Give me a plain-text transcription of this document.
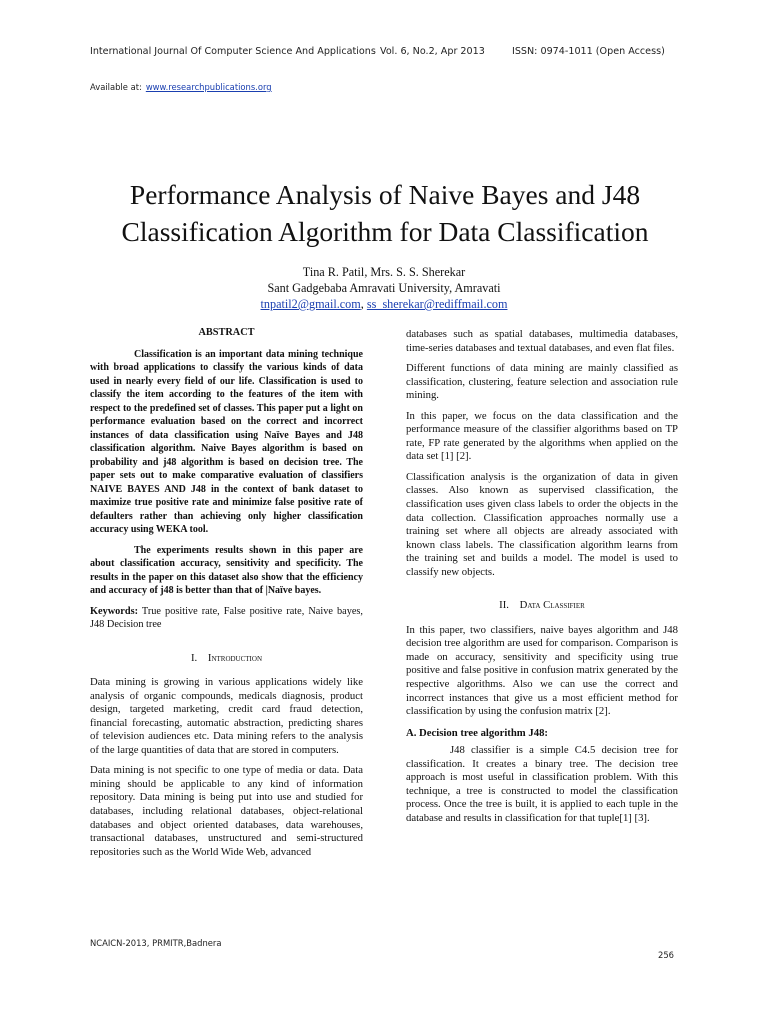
International Journal Of Computer Science And Applications Vol. 6, No.2, Apr 2013	ISSN: 0974-1011 (Open Access)
Available at: www.researchpublications.org
Performance Analysis of Naive Bayes and J48
Classification Algorithm for Data Classification
Tina R. Patil, Mrs. S. S. Sherekar
Sant Gadgebaba Amravati University, Amravati
tnpatil2@gmail.com, ss_sherekar@rediffmail.com
ABSTRACT

Classification is an important data mining technique with broad applications to classify the various kinds of data used in nearly every field of our life. Classification is used to classify the item according to the features of the item with respect to the predefined set of classes. This paper put a light on performance evaluation based on the correct and incorrect instances of data classification using Naïve Bayes and J48 classification algorithm. Naive Bayes algorithm is based on probability and j48 algorithm is based on decision tree. The paper sets out to make comparative evaluation of classifiers NAIVE BAYES AND J48 in the context of bank dataset to maximize true positive rate and minimize false positive rate of defaulters rather than achieving only higher classification accuracy using WEKA tool.

The experiments results shown in this paper are about classification accuracy, sensitivity and specificity. The results in the paper on this dataset also show that the efficiency and accuracy of j48 is better than that of |Naïve bayes.

Keywords: True positive rate, False positive rate, Naive bayes, J48 Decision tree

I. Introduction

Data mining is growing in various applications widely like analysis of organic compounds, medicals diagnosis, product design, targeted marketing, credit card fraud detection, financial forecasting, automatic abstraction, predicting shares of television audiences etc. Data mining refers to the analysis of the large quantities of data that are stored in computers.

Data mining is not specific to one type of media or data. Data mining should be applicable to any kind of information repository. Data mining is being put into use and studied for databases, including relational databases, object-relational databases and object oriented databases, data warehouses, transactional databases, unstructured and semi-structured repositories such as the World Wide Web, advanced

databases such as spatial databases, multimedia databases, time-series databases and textual databases, and even flat files.

Different functions of data mining are mainly classified as classification, clustering, feature selection and association rule mining.

In this paper, we focus on the data classification and the performance measure of the classifier algorithms based on TP rate, FP rate generated by the algorithms when applied on the data set [1] [2].

Classification analysis is the organization of data in given classes. Also known as supervised classification, the classification uses given class labels to order the objects in the data collection. Classification approaches normally use a training set where all objects are already associated with known class labels. The classification algorithm learns from the training set and builds a model. The model is used to classify new objects.

II. Data Classifier

In this paper, two classifiers, naive bayes algorithm and J48 decision tree algorithm are used for comparison. Comparison is made on accuracy, sensitivity and specificity using true positive and false positive in confusion matrix generated by the respective algorithms. Also we can use the correct and incorrect instances that give us a most efficient method for classification by using the confusion matrix [2].

A. Decision tree algorithm J48:

J48 classifier is a simple C4.5 decision tree for classification. It creates a binary tree. The decision tree approach is most useful in classification problem. With this technique, a tree is constructed to model the classification process. Once the tree is built, it is applied to each tuple in the database and results in classification for that tuple[1] [3].

NCAICN-2013, PRMITR,Badnera
256
